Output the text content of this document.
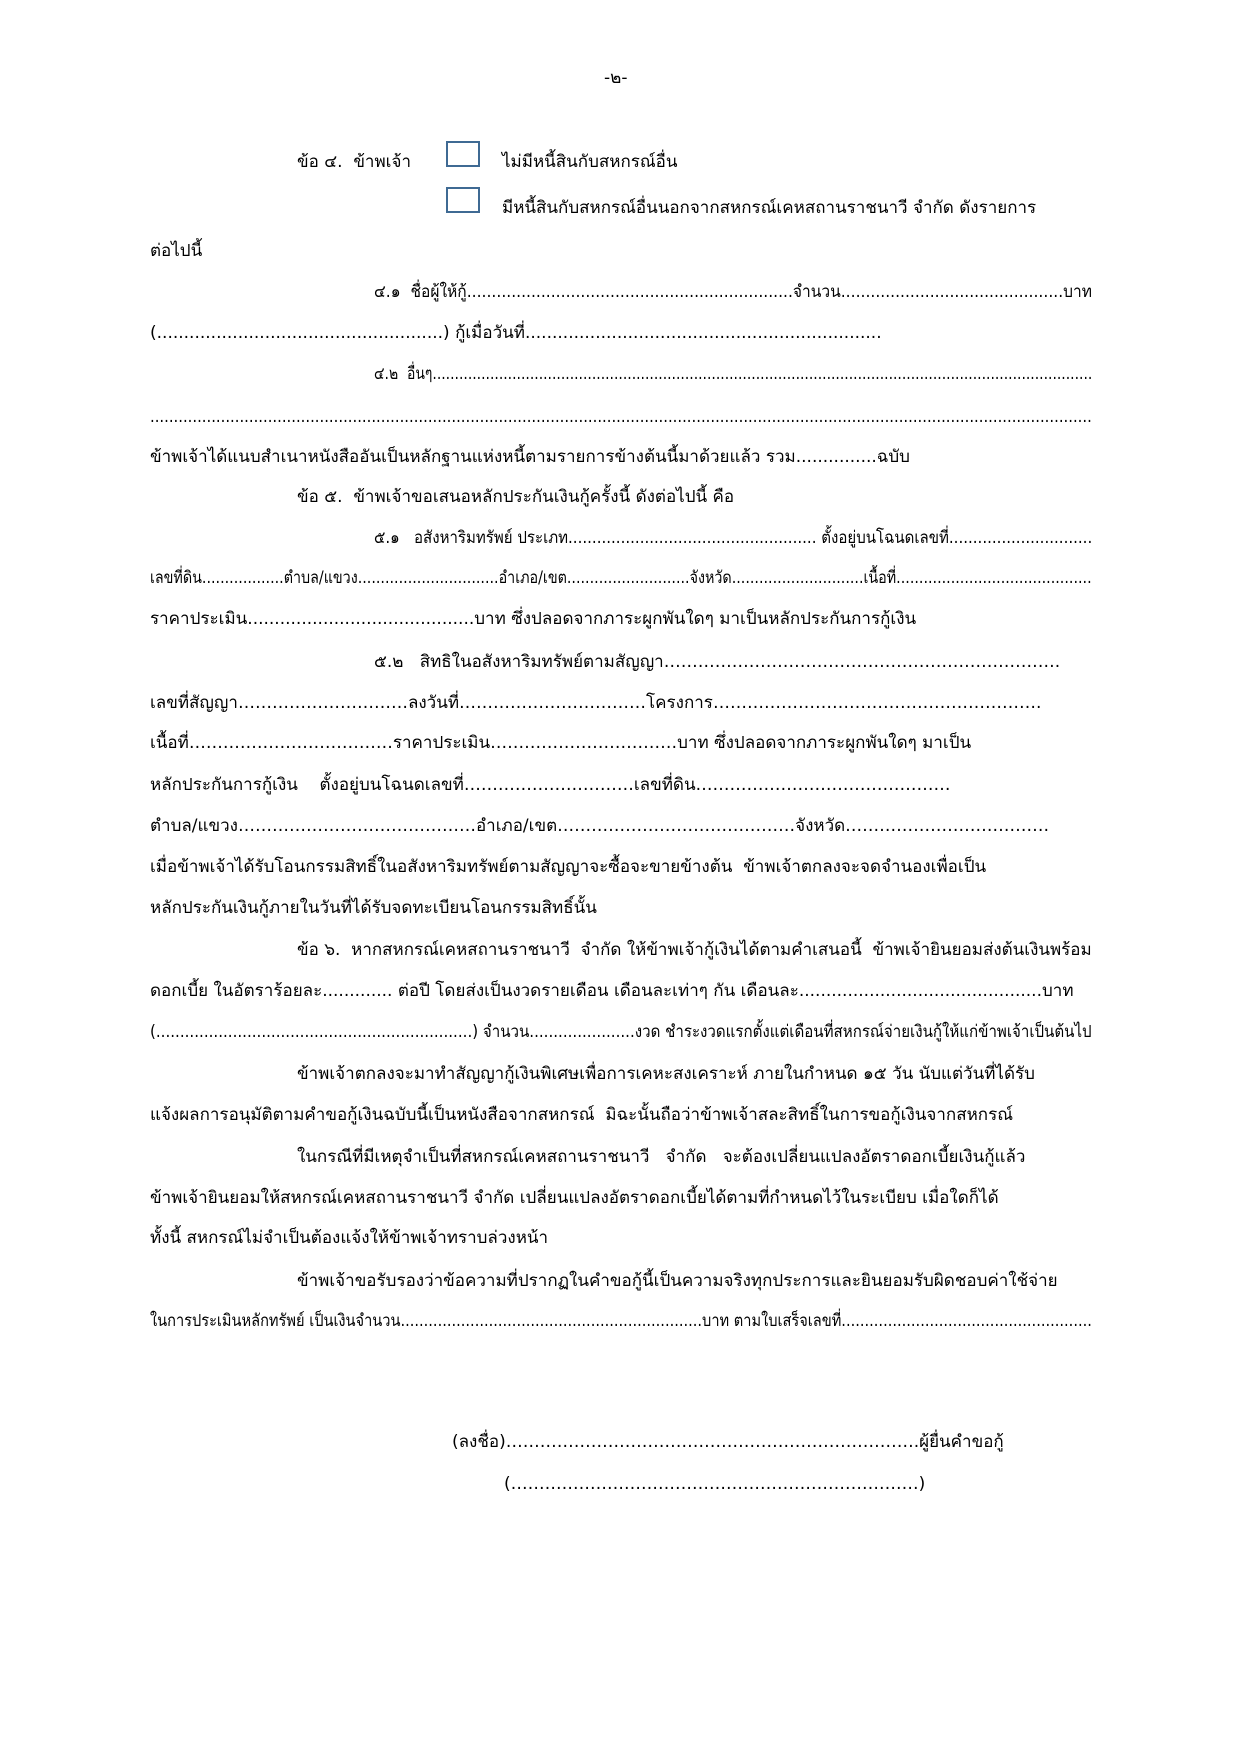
-๒-
ข้อ ๔.  ข้าพเจ้า	ไม่มีหนี้สินกับสหกรณ์อื่น
มีหนี้สินกับสหกรณ์อื่นนอกจากสหกรณ์เคหสถานราชนาวี จำกัด ดังรายการ
ต่อไปนี้
๔.๑  ชื่อผู้ให้กู้..................................................................จำนวน.............................................บาท
(.....................................................) กู้เมื่อวันที่..................................................................
๔.๒  อื่นๆ.....................................................................................................................................................
........................................................................................................................................................................................................
ข้าพเจ้าได้แนบสำเนาหนังสืออันเป็นหลักฐานแห่งหนี้ตามรายการข้างต้นนี้มาด้วยแล้ว รวม...............ฉบับ
ข้อ ๕.  ข้าพเจ้าขอเสนอหลักประกันเงินกู้ครั้งนี้ ดังต่อไปนี้ คือ
๕.๑   อสังหาริมทรัพย์ ประเภท.................................................... ตั้งอยู่บนโฉนดเลขที่..............................
เลขที่ดิน..................ตำบล/แขวง...............................อำเภอ/เขต...........................จังหวัด.............................เนื้อที่...........................................
ราคาประเมิน..........................................บาท ซึ่งปลอดจากภาระผูกพันใดๆ มาเป็นหลักประกันการกู้เงิน
๕.๒   สิทธิในอสังหาริมทรัพย์ตามสัญญา…………………………………………………………….
เลขที่สัญญา…………………………ลงวันที่……………………………โครงการ………………………………………………….
เนื้อที่………………………………ราคาประเมิน……………………………บาท ซึ่งปลอดจากภาระผูกพันใดๆ มาเป็น
หลักประกันการกู้เงิน    ตั้งอยู่บนโฉนดเลขที่…………………………เลขที่ดิน………………………………………
ตำบล/แขวง……………………………………อำเภอ/เขต……………………………………จังหวัด………………………………
เมื่อข้าพเจ้าได้รับโอนกรรมสิทธิ์ในอสังหาริมทรัพย์ตามสัญญาจะซื้อจะขายข้างต้น  ข้าพเจ้าตกลงจะจดจำนองเพื่อเป็น
หลักประกันเงินกู้ภายในวันที่ได้รับจดทะเบียนโอนกรรมสิทธิ์นั้น
ข้อ ๖.  หากสหกรณ์เคหสถานราชนาวี  จำกัด ให้ข้าพเจ้ากู้เงินได้ตามคำเสนอนี้  ข้าพเจ้ายินยอมส่งต้นเงินพร้อม
ดอกเบี้ย ในอัตราร้อยละ............. ต่อปี โดยส่งเป็นงวดรายเดือน เดือนละเท่าๆ กัน เดือนละ.............................................บาท
(..................................................................) จำนวน......................งวด ชำระงวดแรกตั้งแต่เดือนที่สหกรณ์จ่ายเงินกู้ให้แก่ข้าพเจ้าเป็นต้นไป
ข้าพเจ้าตกลงจะมาทำสัญญากู้เงินพิเศษเพื่อการเคหะสงเคราะห์ ภายในกำหนด ๑๕ วัน นับแต่วันที่ได้รับ
แจ้งผลการอนุมัติตามคำขอกู้เงินฉบับนี้เป็นหนังสือจากสหกรณ์  มิฉะนั้นถือว่าข้าพเจ้าสละสิทธิ์ในการขอกู้เงินจากสหกรณ์
ในกรณีที่มีเหตุจำเป็นที่สหกรณ์เคหสถานราชนาวี   จำกัด   จะต้องเปลี่ยนแปลงอัตราดอกเบี้ยเงินกู้แล้ว
ข้าพเจ้ายินยอมให้สหกรณ์เคหสถานราชนาวี จำกัด เปลี่ยนแปลงอัตราดอกเบี้ยได้ตามที่กำหนดไว้ในระเบียบ เมื่อใดก็ได้
ทั้งนี้ สหกรณ์ไม่จำเป็นต้องแจ้งให้ข้าพเจ้าทราบล่วงหน้า
ข้าพเจ้าขอรับรองว่าข้อความที่ปรากฏในคำขอกู้นี้เป็นความจริงทุกประการและยินยอมรับผิดชอบค่าใช้จ่าย
ในการประเมินหลักทรัพย์ เป็นเงินจำนวน.................................................................บาท ตามใบเสร็จเลขที่......................................................
(ลงชื่อ)……………………………………………………………….ผู้ยื่นคำขอกู้
(………………………………………………………………)
